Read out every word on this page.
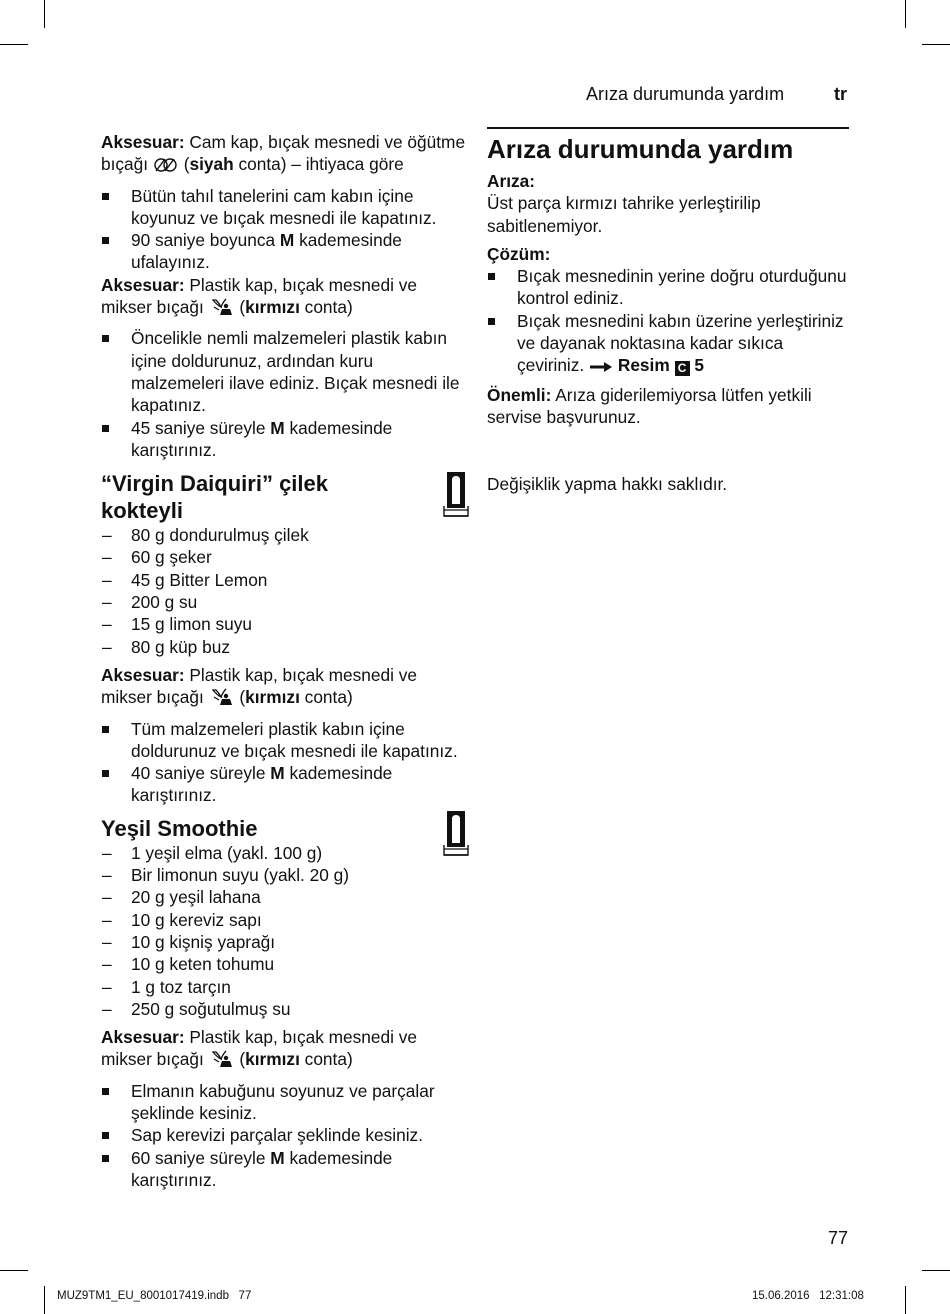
Arıza durumunda yardım	tr

Aksesuar: Cam kap, bıçak mesnedi ve öğütme bıçağı  (siyah conta) – ihtiyaca göre

Bütün tahıl tanelerini cam kabın içine koyunuz ve bıçak mesnedi ile kapatınız.
90 saniye boyunca M kademesinde ufalayınız.

Aksesuar: Plastik kap, bıçak mesnedi ve mikser bıçağı  (kırmızı conta)

Öncelikle nemli malzemeleri plastik kabın içine doldurunuz, ardından kuru malzemeleri ilave ediniz. Bıçak mesnedi ile kapatınız.
45 saniye süreyle M kademesinde karıştırınız.
“Virgin Daiquiri” çilek kokteyli
– 80 g dondurulmuş çilek
– 60 g şeker
– 45 g Bitter Lemon
– 200 g su
– 15 g limon suyu
– 80 g küp buz

Aksesuar: Plastik kap, bıçak mesnedi ve mikser bıçağı  (kırmızı conta)

Tüm malzemeleri plastik kabın içine doldurunuz ve bıçak mesnedi ile kapatınız.
40 saniye süreyle M kademesinde karıştırınız.
Yeşil Smoothie
– 1 yeşil elma (yakl. 100 g)
– Bir limonun suyu (yakl. 20 g)
– 20 g yeşil lahana
– 10 g kereviz sapı
– 10 g kişniş yaprağı
– 10 g keten tohumu
– 1 g toz tarçın
– 250 g soğutulmuş su

Aksesuar: Plastik kap, bıçak mesnedi ve mikser bıçağı  (kırmızı conta)

Elmanın kabuğunu soyunuz ve parçalar şeklinde kesiniz.
Sap kerevizi parçalar şeklinde kesiniz.
60 saniye süreyle M kademesinde karıştırınız.
Arıza durumunda yardım

Arıza:

Üst parça kırmızı tahrike yerleştirilip sabitlenemiyor.

Çözüm:

Bıçak mesnedinin yerine doğru oturduğunu kontrol ediniz.
Bıçak mesnedini kabın üzerine yerleştiriniz ve dayanak noktasına kadar sıkıca çeviriniz.  Resim C 5

Önemli: Arıza giderilemiyorsa lütfen yetkili servise başvurunuz.

Değişiklik yapma hakkı saklıdır.

77
MUZ9TM1_EU_8001017419.indb   77	15.06.2016   12:31:08
